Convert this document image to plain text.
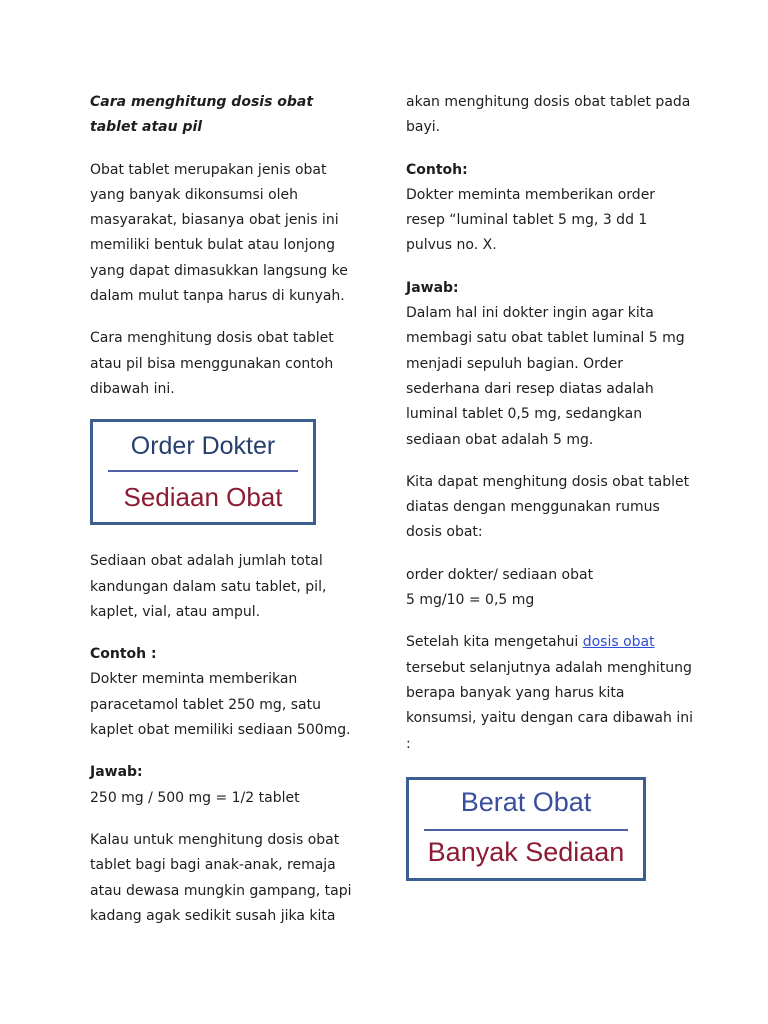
Cara menghitung dosis obat tablet atau pil

Obat tablet merupakan jenis obat yang banyak dikonsumsi oleh masyarakat, biasanya obat jenis ini memiliki bentuk bulat atau lonjong yang dapat dimasukkan langsung ke dalam mulut tanpa harus di kunyah.

Cara menghitung dosis obat tablet atau pil bisa menggunakan contoh dibawah ini.

Order Dokter
Sediaan Obat

Sediaan obat adalah jumlah total kandungan dalam satu tablet, pil, kaplet, vial, atau ampul.

Contoh :

Dokter meminta memberikan paracetamol tablet 250 mg, satu kaplet obat memiliki sediaan 500mg.

Jawab:

250 mg / 500 mg = 1/2 tablet

Kalau untuk menghitung dosis obat tablet bagi bagi anak-anak, remaja atau dewasa mungkin gampang, tapi kadang agak sedikit susah jika kita

akan menghitung dosis obat tablet pada bayi.

Contoh:

Dokter meminta memberikan order resep “luminal tablet 5 mg, 3 dd 1 pulvus no. X.

Jawab:

Dalam hal ini dokter ingin agar kita membagi satu obat tablet luminal 5 mg menjadi sepuluh bagian. Order sederhana dari resep diatas adalah luminal tablet 0,5 mg, sedangkan sediaan obat adalah 5 mg.

Kita dapat menghitung dosis obat tablet diatas dengan menggunakan rumus dosis obat:

order dokter/ sediaan obat

5 mg/10 = 0,5 mg

Setelah kita mengetahui dosis obat tersebut selanjutnya adalah menghitung berapa banyak yang harus kita konsumsi, yaitu dengan cara dibawah ini :

Berat Obat
Banyak Sediaan
